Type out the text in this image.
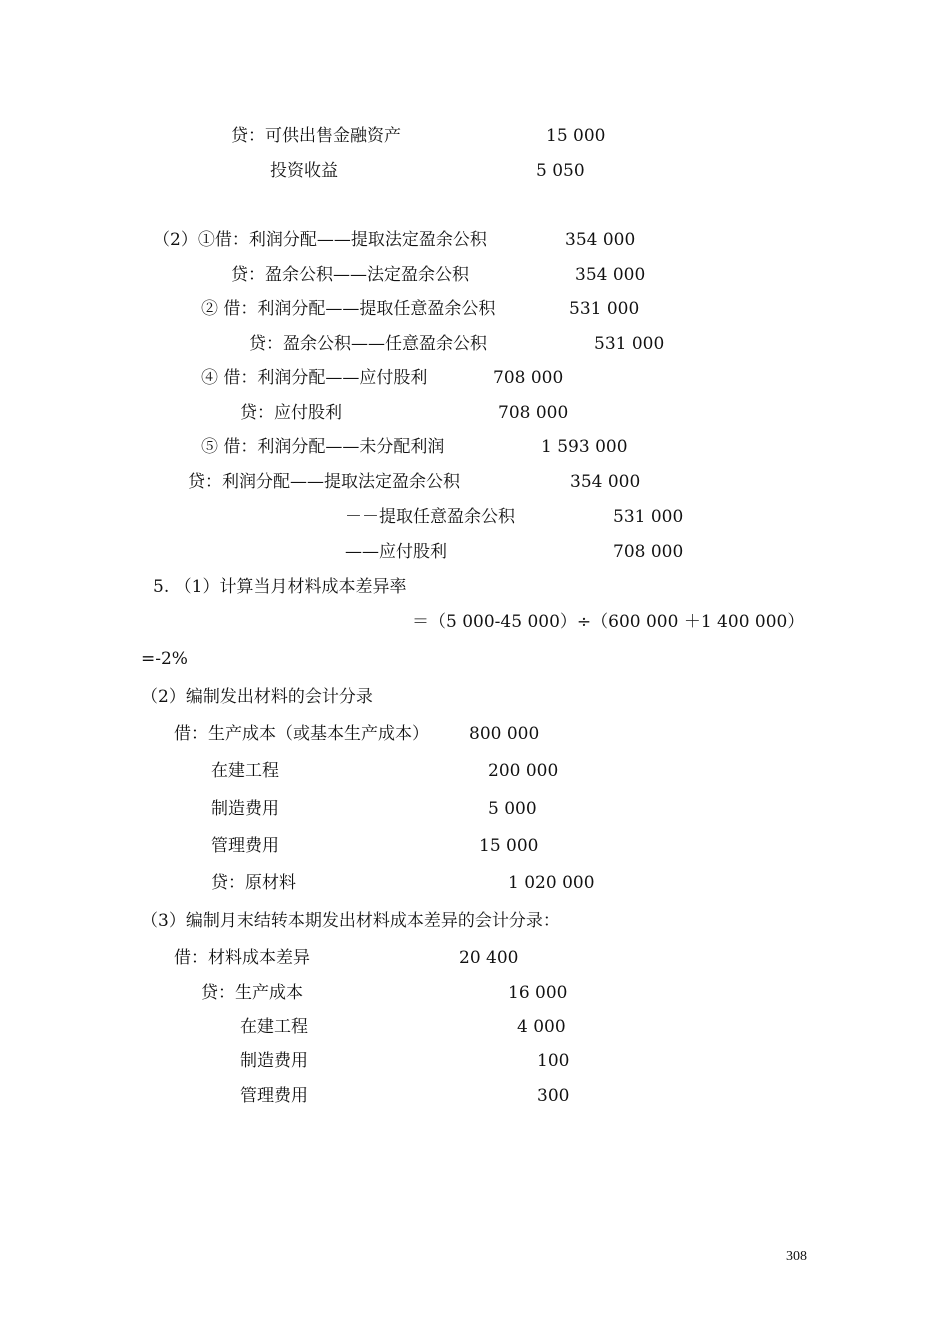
贷：可供出售金融资产	15 000
投资收益	5 050
（2）①借：利润分配——提取法定盈余公积	354 000
贷：盈余公积——法定盈余公积	354 000
② 借：利润分配——提取任意盈余公积	531 000
贷：盈余公积——任意盈余公积	531 000
④ 借：利润分配——应付股利	708 000
贷：应付股利	708 000
⑤ 借：利润分配——未分配利润	1 593 000
贷：利润分配——提取法定盈余公积	354 000
－－提取任意盈余公积	531 000
——应付股利	708 000
5. （1）计算当月材料成本差异率
＝（5 000-45 000）÷（600 000 ＋1 400 000）
=-2%
（2）编制发出材料的会计分录
借：生产成本（或基本生产成本） 800 000
在建工程	200 000
制造费用	5 000
管理费用	15 000
贷：原材料	1 020 000
（3）编制月末结转本期发出材料成本差异的会计分录：
借：材料成本差异	20 400
贷：生产成本	16 000
在建工程	4 000
制造费用	100
管理费用	300
308
